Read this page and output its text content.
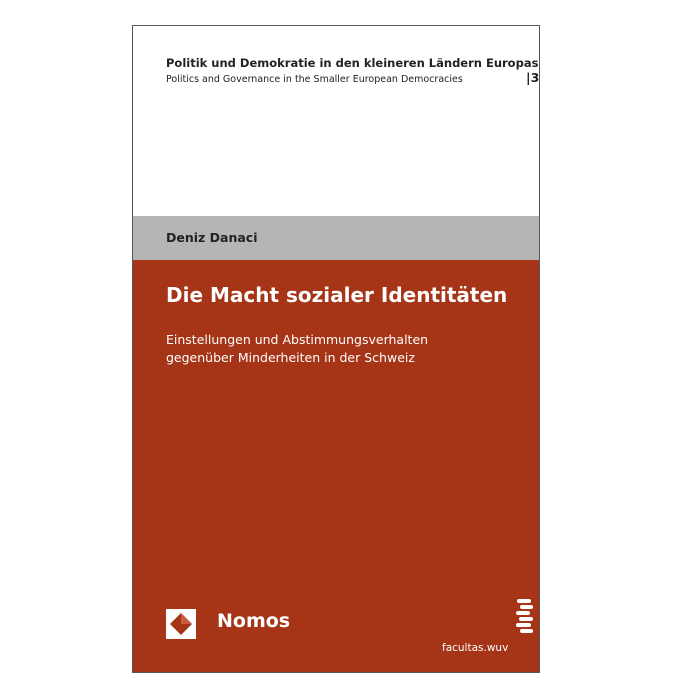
Politik und Demokratie in den kleineren Ländern Europas
Politics and Governance in the Smaller European Democracies	|3
Deniz Danaci
Die Macht sozialer Identitäten
Einstellungen und Abstimmungsverhalten
gegenüber Minderheiten in der Schweiz
Nomos
facultas.wuv
